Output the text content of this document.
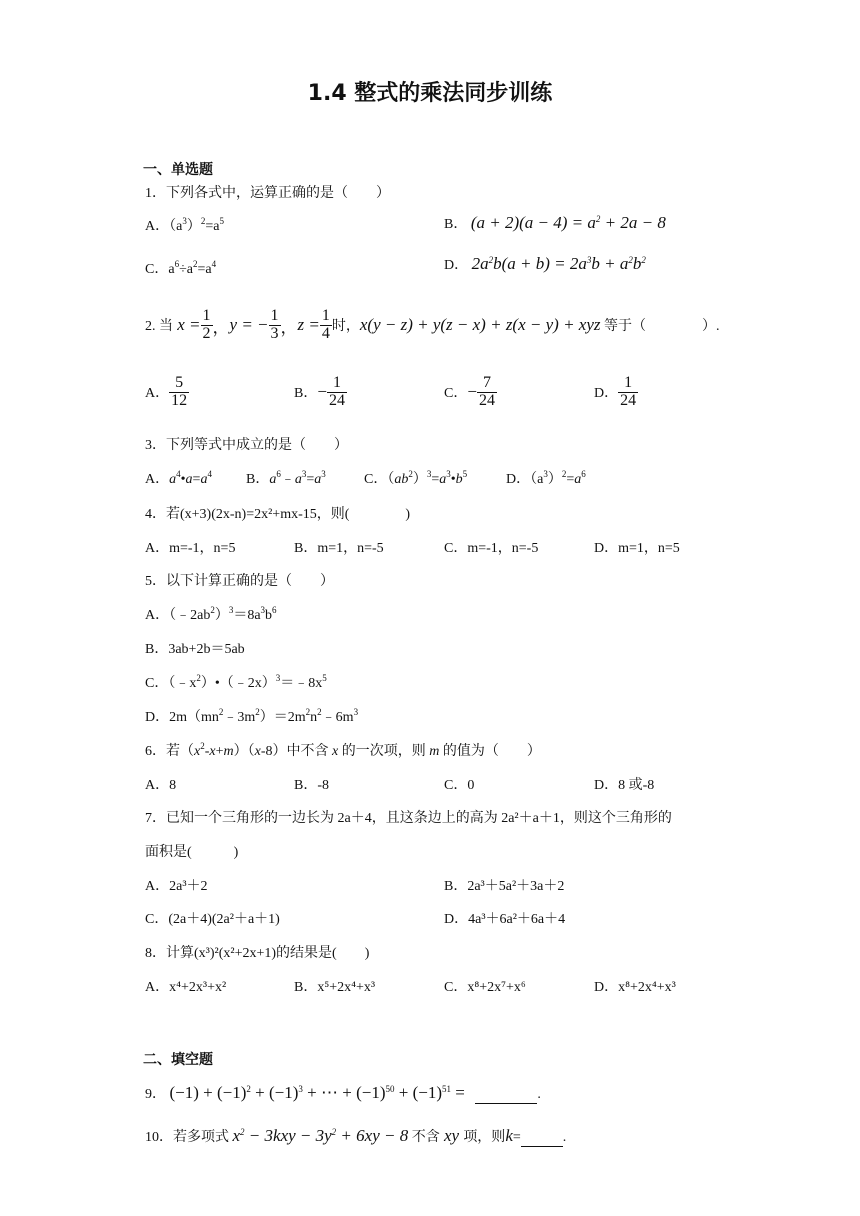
1.4 整式的乘法同步训练
一、单选题
1．下列各式中，运算正确的是（　　）
A．$(a^3)^2=a^5$	B． $(a + 2)(a - 4) = a^2 + 2a - 8$
C．$a^6\div a^2=a^4$	D． $2a^2b(a + b) = 2a^3b + a^2b^2$
2. 当 $x = \frac{1}{2}$ ， y = − $\frac{1}{3}$ ， $z = \frac{1}{4}$ 时， x(y − z) + y(z − x) + z(x − y) + xyz
等于（　　　　）.
A． $\frac{5}{12}$	B． − $\frac{1}{24}$	C． − $\frac{7}{24}$	D． $\frac{1}{24}$
3．下列等式中成立的是（　　）
A．$a^4•a=a^4$ B．$a^6﹣a^3=a^3$	C．$(ab^2)^3=a^3•b^5$	D．$(a^3)^2=a^6$
4．若(x+3)(2x-n)=2x²+mx-15，则(　　　　)
A．m=-1，n=5	B．m=1，n=-5	C．m=-1，n=-5	D．m=1，n=5
5．以下计算正确的是（　　）
A．$(﹣2ab^2)^3=8a^3b^6$
B．3ab+2b＝5ab
C．$(﹣x^2)•(﹣2x)^3=﹣8x^5$
D．$2m(mn^2﹣3m^2)=2m^2n^2﹣6m^3$
6．若$(x^2-x+m)(x-8)$中不含 x 的一次项，则 m 的值为（　　）
A．8	B．-8	C．0	D．8 或-8
7．已知一个三角形的一边长为 2a＋4，且这条边上的高为 2a²＋a＋1，则这个三角形的
面积是(　　　)
A．2a³＋2	B．2a³＋5a²＋3a＋2
C．(2a＋4)(2a²＋a＋1)	D．4a³＋6a²＋6a＋4
8．计算(x³)²(x²+2x+1)的结果是(　　)
A．x⁴+2x³+x²	B．x⁵+2x⁴+x³	C．x⁸+2x⁷+x⁶	D．x⁸+2x⁴+x³
二、填空题
9． $(-1) + (-1)^2 + (-1)^3$ + ⋯ + $(-1)^{50} + (-1)^{51}$ =	.
10．若多项式 $x^2 - 3kxy - 3y^2 + 6xy - 8$ 不含 xy 项，则k=	.
